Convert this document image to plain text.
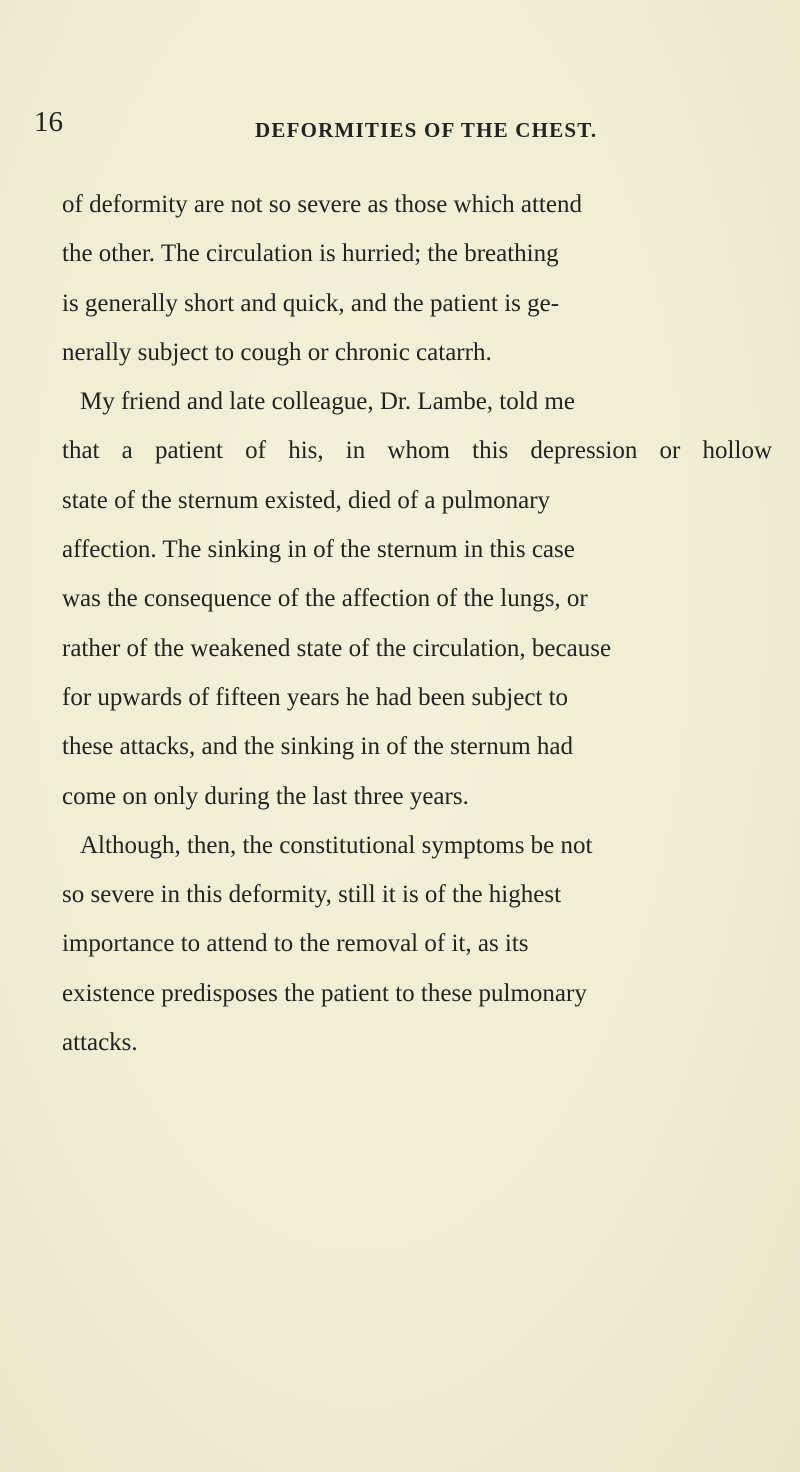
16	DEFORMITIES OF THE CHEST.
of deformity are not so severe as those which attend
the other. The circulation is hurried; the breathing
is generally short and quick, and the patient is ge-
nerally subject to cough or chronic catarrh.
My friend and late colleague, Dr. Lambe, told me
that a patient of his, in whom this depression or hollow
state of the sternum existed, died of a pulmonary
affection. The sinking in of the sternum in this case
was the consequence of the affection of the lungs, or
rather of the weakened state of the circulation, because
for upwards of fifteen years he had been subject to
these attacks, and the sinking in of the sternum had
come on only during the last three years.
Although, then, the constitutional symptoms be not
so severe in this deformity, still it is of the highest
importance to attend to the removal of it, as its
existence predisposes the patient to these pulmonary
attacks.
